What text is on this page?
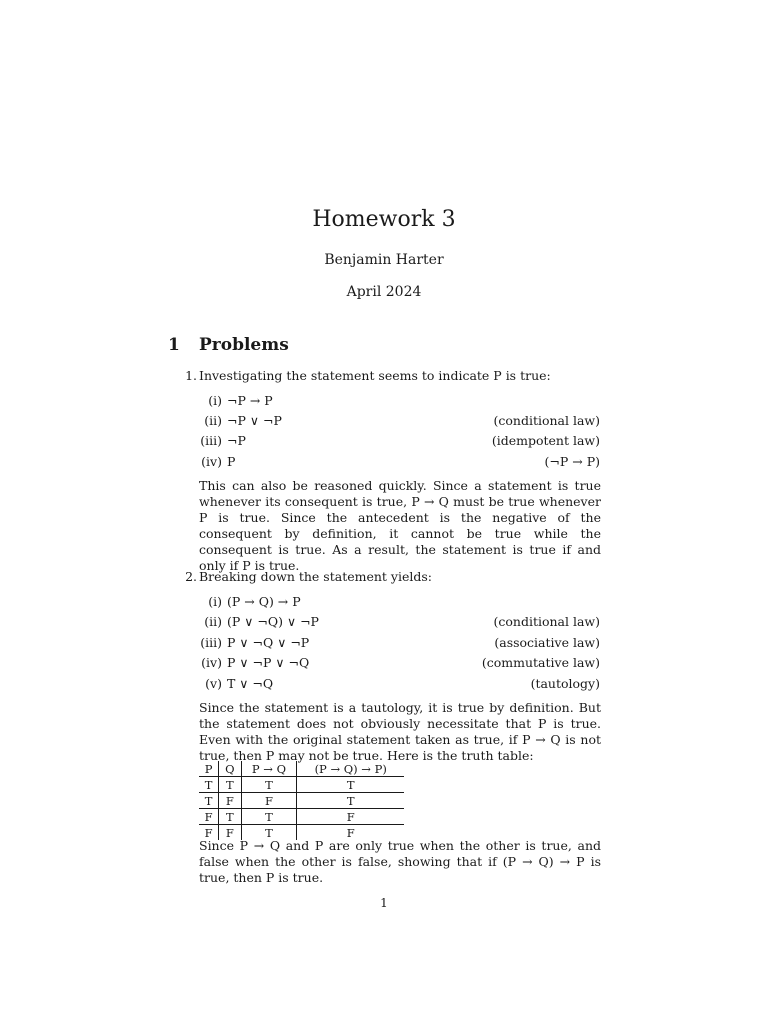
Homework 3
Benjamin Harter
April 2024
1 Problems
1. Investigating the statement seems to indicate P is true:
(i) ¬P → P
(ii) ¬P ∨ ¬P	(conditional law)
(iii) ¬P	(idempotent law)
(iv) P	(¬P → P)
This can also be reasoned quickly. Since a statement is true whenever its consequent is true, P → Q must be true whenever P is true. Since the antecedent is the negative of the consequent by definition, it cannot be true while the consequent is true. As a result, the statement is true if and only if P is true.
2. Breaking down the statement yields:
(i) (P → Q) → P
(ii) (P ∨ ¬Q) ∨ ¬P	(conditional law)
(iii) P ∨ ¬Q ∨ ¬P	(associative law)
(iv) P ∨ ¬P ∨ ¬Q	(commutative law)
(v) T ∨ ¬Q	(tautology)
Since the statement is a tautology, it is true by definition. But the statement does not obviously necessitate that P is true. Even with the original statement taken as true, if P → Q is not true, then P may not be true. Here is the truth table:
P	Q	P → Q	(P → Q) → P)
T	T	T	T
T	F	F	T
F	T	T	F
F	F	T	F
Since P → Q and P are only true when the other is true, and false when the other is false, showing that if (P → Q) → P is true, then P is true.
1
